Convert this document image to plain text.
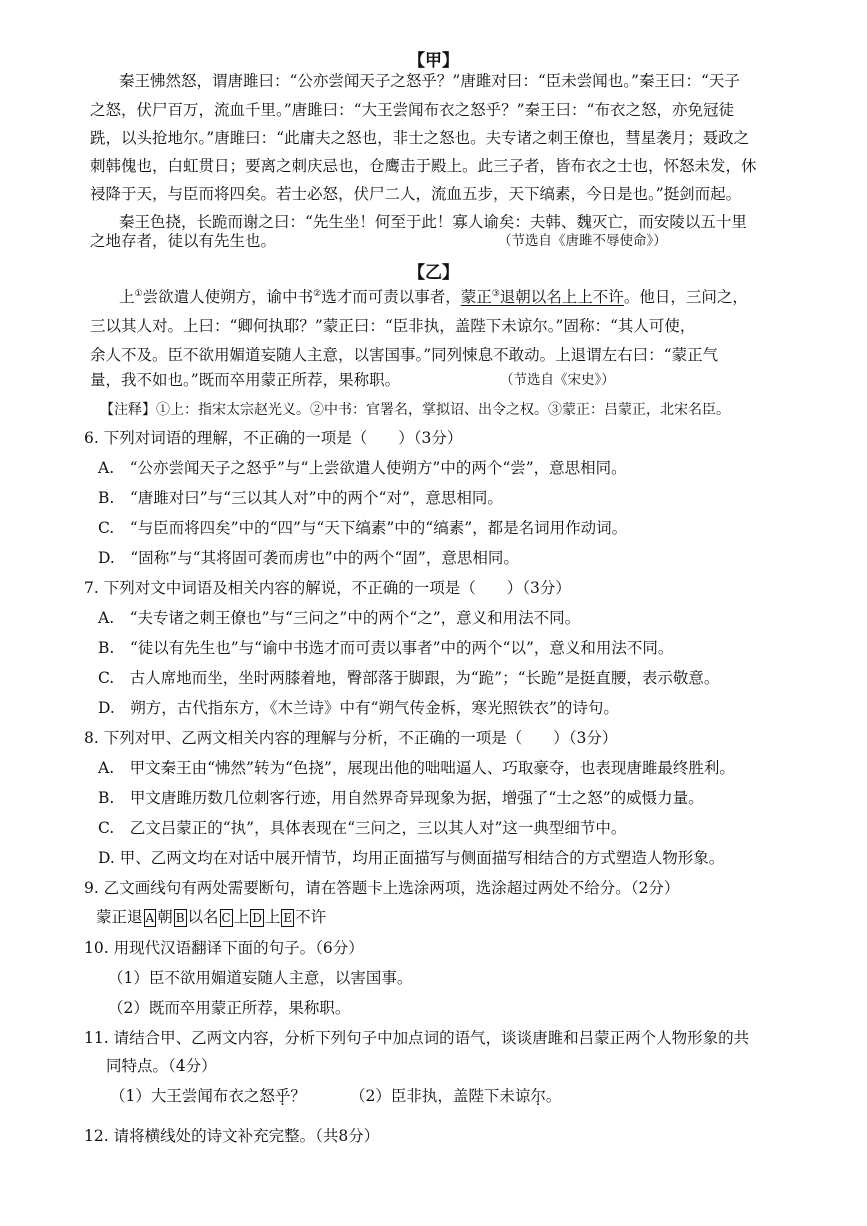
【甲】
秦王怫然怒，谓唐雎曰：“公亦尝闻天子之怒乎？”唐雎对曰：“臣未尝闻也。”秦王曰：“天子
之怒，伏尸百万，流血千里。”唐雎曰：“大王尝闻布衣之怒乎？”秦王曰：“布衣之怒，亦免冠徒
跣，以头抢地尔。”唐雎曰：“此庸夫之怒也，非士之怒也。夫专诸之刺王僚也，彗星袭月；聂政之
刺韩傀也，白虹贯日；要离之刺庆忌也，仓鹰击于殿上。此三子者，皆布衣之士也，怀怒未发，休
祲降于天，与臣而将四矣。若士必怒，伏尸二人，流血五步，天下缟素，今日是也。”挺剑而起。
秦王色挠，长跪而谢之曰：“先生坐！何至于此！寡人谕矣：夫韩、魏灭亡，而安陵以五十里
之地存者，徒以有先生也。	（节选自《唐雎不辱使命》）
【乙】
上①尝欲遣人使朔方，谕中书②选才而可责以事者，蒙正③退朝以名上上不许。他日，三问之，
三以其人对。上曰：“卿何执耶？”蒙正曰：“臣非执，盖陛下未谅尔。”固称：“其人可使，
余人不及。臣不欲用媚道妄随人主意，以害国事。”同列悚息不敢动。上退谓左右曰：“蒙正气
量，我不如也。”既而卒用蒙正所荐，果称职。	（节选自《宋史》）
【注释】①上：指宋太宗赵光义。②中书：官署名，掌拟诏、出令之权。③蒙正：吕蒙正，北宋名臣。
6. 下列对词语的理解，不正确的一项是（　　）（3分）
A.　“公亦尝闻天子之怒乎”与“上尝欲遣人使朔方”中的两个“尝”，意思相同。
B.　“唐雎对曰”与“三以其人对”中的两个“对”，意思相同。
C.　“与臣而将四矣”中的“四”与“天下缟素”中的“缟素”，都是名词用作动词。
D.　“固称”与“其将固可袭而虏也”中的两个“固”，意思相同。
7. 下列对文中词语及相关内容的解说，不正确的一项是（　　）（3分）
A.　“夫专诸之刺王僚也”与“三问之”中的两个“之”，意义和用法不同。
B.　“徒以有先生也”与“谕中书选才而可责以事者”中的两个“以”，意义和用法不同。
C.　古人席地而坐，坐时两膝着地，臀部落于脚跟，为“跪”；“长跪”是挺直腰，表示敬意。
D.　朔方，古代指东方，《木兰诗》中有“朔气传金柝，寒光照铁衣”的诗句。
8. 下列对甲、乙两文相关内容的理解与分析，不正确的一项是（　　）（3分）
A.　甲文秦王由“怫然”转为“色挠”，展现出他的咄咄逼人、巧取豪夺，也表现唐雎最终胜利。
B.　甲文唐雎历数几位刺客行迹，用自然界奇异现象为据，增强了“士之怒”的威慑力量。
C.　乙文吕蒙正的“执”，具体表现在“三问之，三以其人对”这一典型细节中。
D. 甲、乙两文均在对话中展开情节，均用正面描写与侧面描写相结合的方式塑造人物形象。
9. 乙文画线句有两处需要断句，请在答题卡上选涂两项，选涂超过两处不给分。（2分）
蒙正退 A 朝 B 以名 C 上 D 上 E 不许
10. 用现代汉语翻译下面的句子。（6分）
（1）臣不欲用媚道妄随人主意，以害国事。
（2）既而卒用蒙正所荐，果称职。
11. 请结合甲、乙两文内容，分析下列句子中加点词的语气，谈谈唐雎和吕蒙正两个人物形象的共
同特点。（4分）
（1）大王尝闻布衣之怒乎？	（2）臣非执，盖陛下未谅尔。
12. 请将横线处的诗文补充完整。（共8分）
